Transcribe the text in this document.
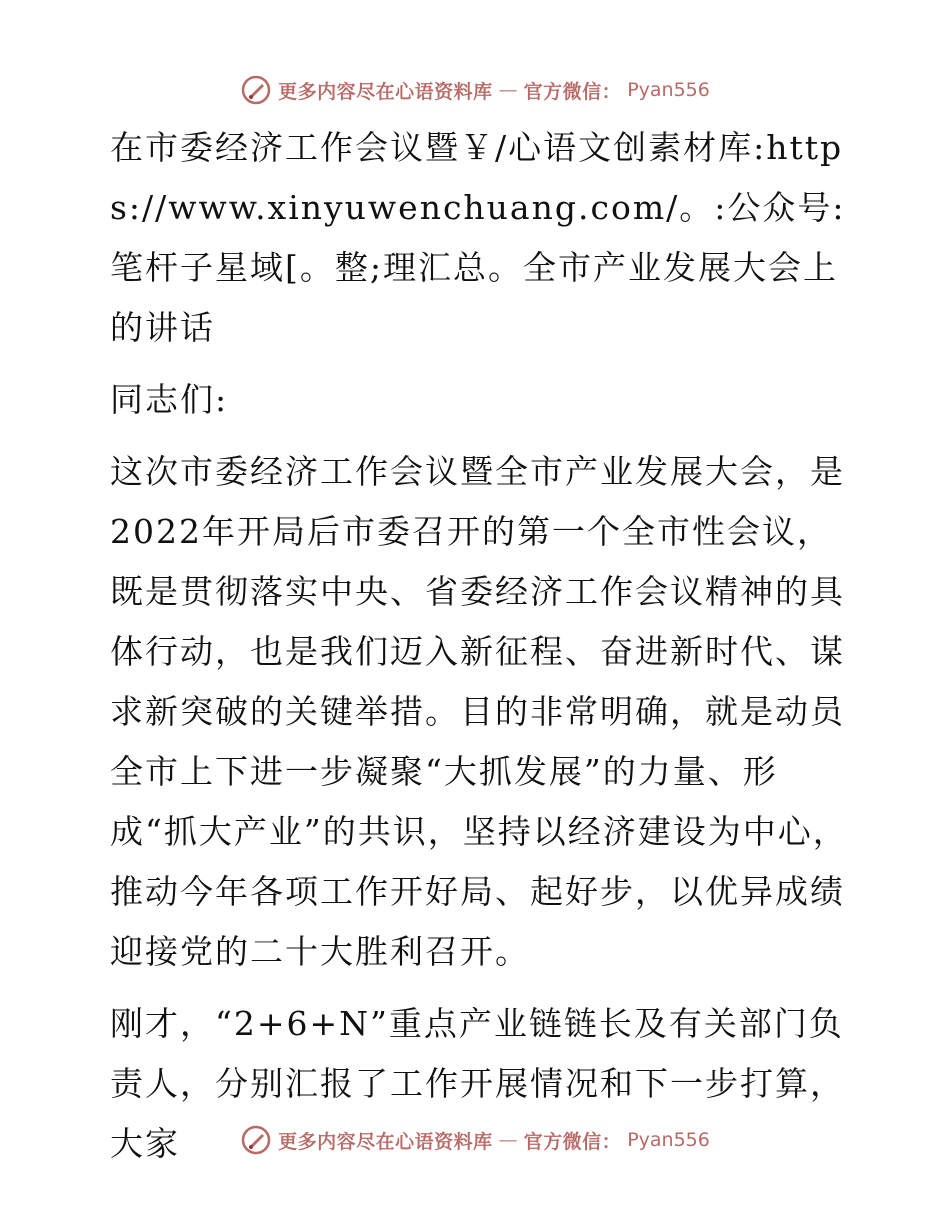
更多内容尽在心语资料库 — 官方微信： Pyan556

在市委经济工作会议暨￥/心语文创素材库:https://www.xinyuwenchuang.com/。:公众号: 笔杆子星域[。整;理汇总。全市产业发展大会上的讲话

同志们:

这次市委经济工作会议暨全市产业发展大会，是2022年开局后市委召开的第一个全市性会议，既是贯彻落实中央、省委经济工作会议精神的具体行动，也是我们迈入新征程、奋进新时代、谋求新突破的关键举措。目的非常明确，就是动员全市上下进一步凝聚“大抓发展”的力量、形成“抓大产业”的共识，坚持以经济建设为中心，推动今年各项工作开好局、起好步，以优异成绩迎接党的二十大胜利召开。

刚才，“2+6+N”重点产业链链长及有关部门负责人，分别汇报了工作开展情况和下一步打算，大家	更多内容尽在心语资料库 — 官方微信： Pyan556
